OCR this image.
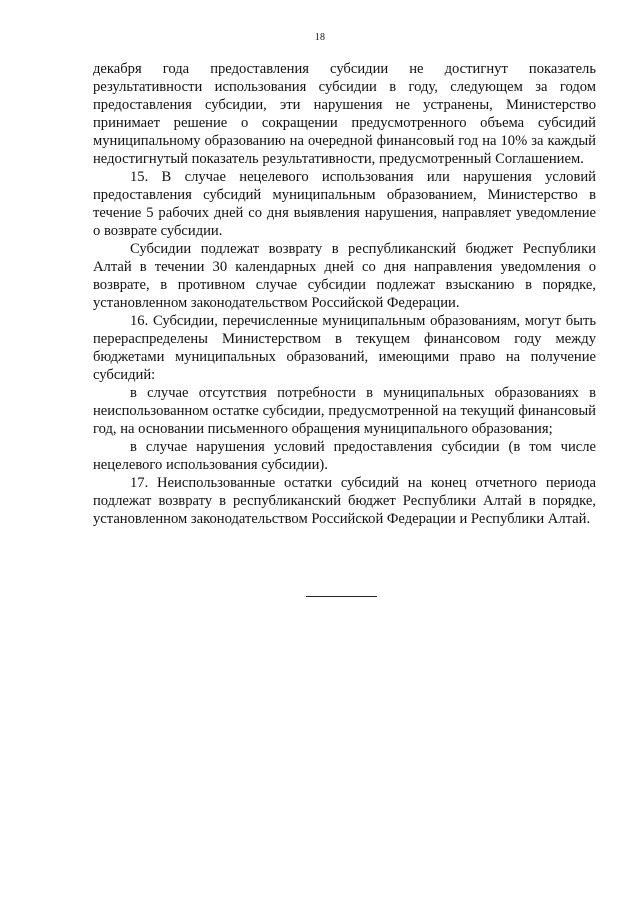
18

декабря года предоставления субсидии не достигнут показатель результативности использования субсидии в году, следующем за годом предоставления субсидии, эти нарушения не устранены, Министерство принимает решение о сокращении предусмотренного объема субсидий муниципальному образованию на очередной финансовый год на 10% за каждый недостигнутый показатель результативности, предусмотренный Соглашением.

15. В случае нецелевого использования или нарушения условий предоставления субсидий муниципальным образованием, Министерство в течение 5 рабочих дней со дня выявления нарушения, направляет уведомление о возврате субсидии.

Субсидии подлежат возврату в республиканский бюджет Республики Алтай в течении 30 календарных дней со дня направления уведомления о возврате, в противном случае субсидии подлежат взысканию в порядке, установленном законодательством Российской Федерации.

16. Субсидии, перечисленные муниципальным образованиям, могут быть перераспределены Министерством в текущем финансовом году между бюджетами муниципальных образований, имеющими право на получение субсидий:

в случае отсутствия потребности в муниципальных образованиях в неиспользованном остатке субсидии, предусмотренной на текущий финансовый год, на основании письменного обращения муниципального образования;

в случае нарушения условий предоставления субсидии (в том числе нецелевого использования субсидии).

17. Неиспользованные остатки субсидий на конец отчетного периода подлежат возврату в республиканский бюджет Республики Алтай в порядке, установленном законодательством Российской Федерации и Республики Алтай.
